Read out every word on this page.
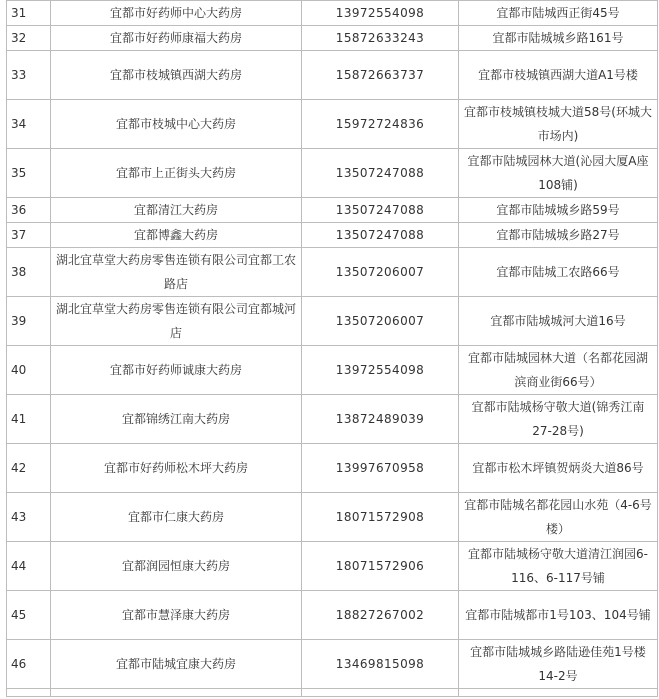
31	宜都市好药师中心大药房	13972554098	宜都市陆城西正街45号
32	宜都市好药师康福大药房	15872633243	宜都市陆城城乡路161号
33	宜都市枝城镇西湖大药房	15872663737	宜都市枝城镇西湖大道A1号楼
34	宜都市枝城中心大药房	15972724836	宜都市枝城镇枝城大道58号(环城大市场内)
35	宜都市上正街头大药房	13507247088	宜都市陆城园林大道(沁园大厦A座108铺)
36	宜都清江大药房	13507247088	宜都市陆城城乡路59号
37	宜都博鑫大药房	13507247088	宜都市陆城城乡路27号
38	湖北宜草堂大药房零售连锁有限公司宜都工农路店	13507206007	宜都市陆城工农路66号
39	湖北宜草堂大药房零售连锁有限公司宜都城河店	13507206007	宜都市陆城城河大道16号
40	宜都市好药师诚康大药房	13972554098	宜都市陆城园林大道（名都花园湖滨商业街66号）
41	宜都锦绣江南大药房	13872489039	宜都市陆城杨守敬大道(锦秀江南27-28号)
42	宜都市好药师松木坪大药房	13997670958	宜都市松木坪镇贺炳炎大道86号
43	宜都市仁康大药房	18071572908	宜都市陆城名都花园山水苑（4-6号楼）
44	宜都润园恒康大药房	18071572906	宜都市陆城杨守敬大道清江润园6-116、6-117号铺
45	宜都市慧泽康大药房	18827267002	宜都市陆城都市1号103、104号铺
46	宜都市陆城宜康大药房	13469815098	宜都市陆城城乡路陆逊佳苑1号楼14-2号
